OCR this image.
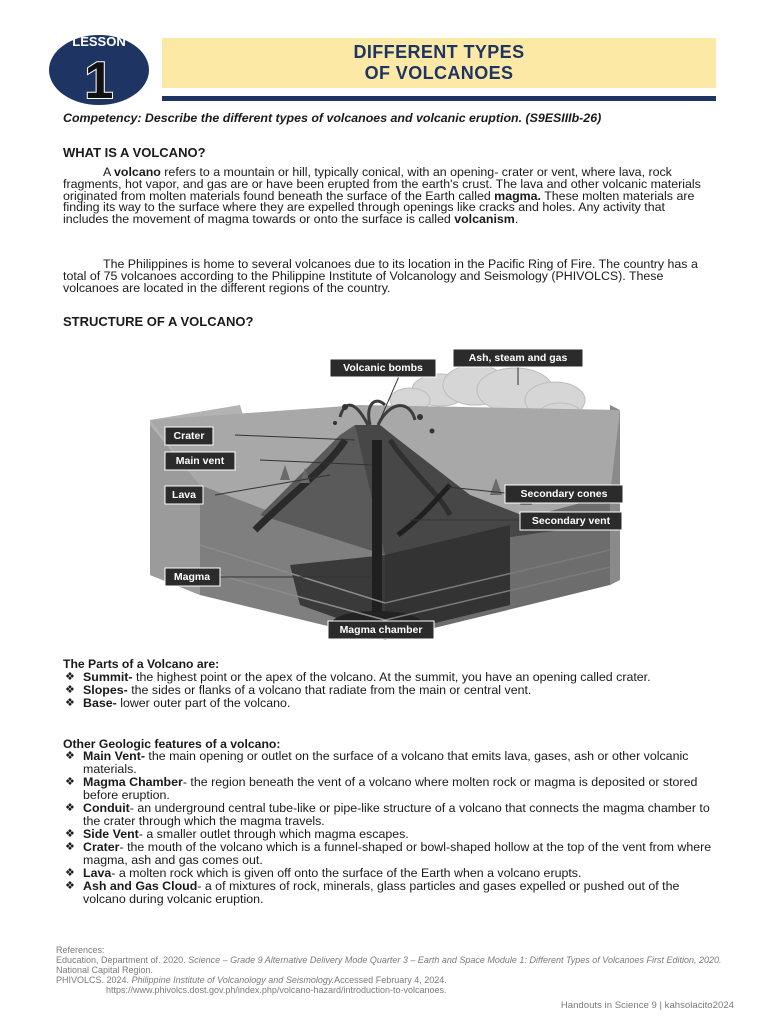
LESSON
1	DIFFERENT TYPES
OF VOLCANOES
Competency: Describe the different types of volcanoes and volcanic eruption. (S9ESIIIb-26)
WHAT IS A VOLCANO?
A volcano refers to a mountain or hill, typically conical, with an opening- crater or vent, where lava, rock fragments, hot vapor, and gas are or have been erupted from the earth's crust. The lava and other volcanic materials originated from molten materials found beneath the surface of the Earth called magma. These molten materials are finding its way to the surface where they are expelled through openings like cracks and holes. Any activity that includes the movement of magma towards or onto the surface is called volcanism.
The Philippines is home to several volcanoes due to its location in the Pacific Ring of Fire. The country has a total of 75 volcanoes according to the Philippine Institute of Volcanology and Seismology (PHIVOLCS). These volcanoes are located in the different regions of the country.
STRUCTURE OF A VOLCANO?
Volcanic bombs
Ash, steam and gas
Crater
Main vent
Lava	Secondary cones
Secondary vent
Magma
Magma chamber
The Parts of a Volcano are:
❖ Summit- the highest point or the apex of the volcano. At the summit, you have an opening called crater.
❖ Slopes- the sides or flanks of a volcano that radiate from the main or central vent.
❖ Base- lower outer part of the volcano.
Other Geologic features of a volcano:
❖ Main Vent- the main opening or outlet on the surface of a volcano that emits lava, gases, ash or other volcanic materials.
❖ Magma Chamber- the region beneath the vent of a volcano where molten rock or magma is deposited or stored before eruption.
❖ Conduit- an underground central tube-like or pipe-like structure of a volcano that connects the magma chamber to the crater through which the magma travels.
❖ Side Vent- a smaller outlet through which magma escapes.
❖ Crater- the mouth of the volcano which is a funnel-shaped or bowl-shaped hollow at the top of the vent from where magma, ash and gas comes out.
❖ Lava- a molten rock which is given off onto the surface of the Earth when a volcano erupts.
❖ Ash and Gas Cloud- a of mixtures of rock, minerals, glass particles and gases expelled or pushed out of the volcano during volcanic eruption.
References:
Education, Department of. 2020. Science – Grade 9 Alternative Delivery Mode Quarter 3 – Earth and Space Module 1: Different Types of Volcanoes First Edition, 2020. National Capital Region.
PHIVOLCS. 2024. Philippine Institute of Volcanology and Seismology.Accessed February 4, 2024.
https://www.phivolcs.dost.gov.ph/index.php/volcano-hazard/introduction-to-volcanoes.
Handouts in Science 9 | kahsolacito2024
